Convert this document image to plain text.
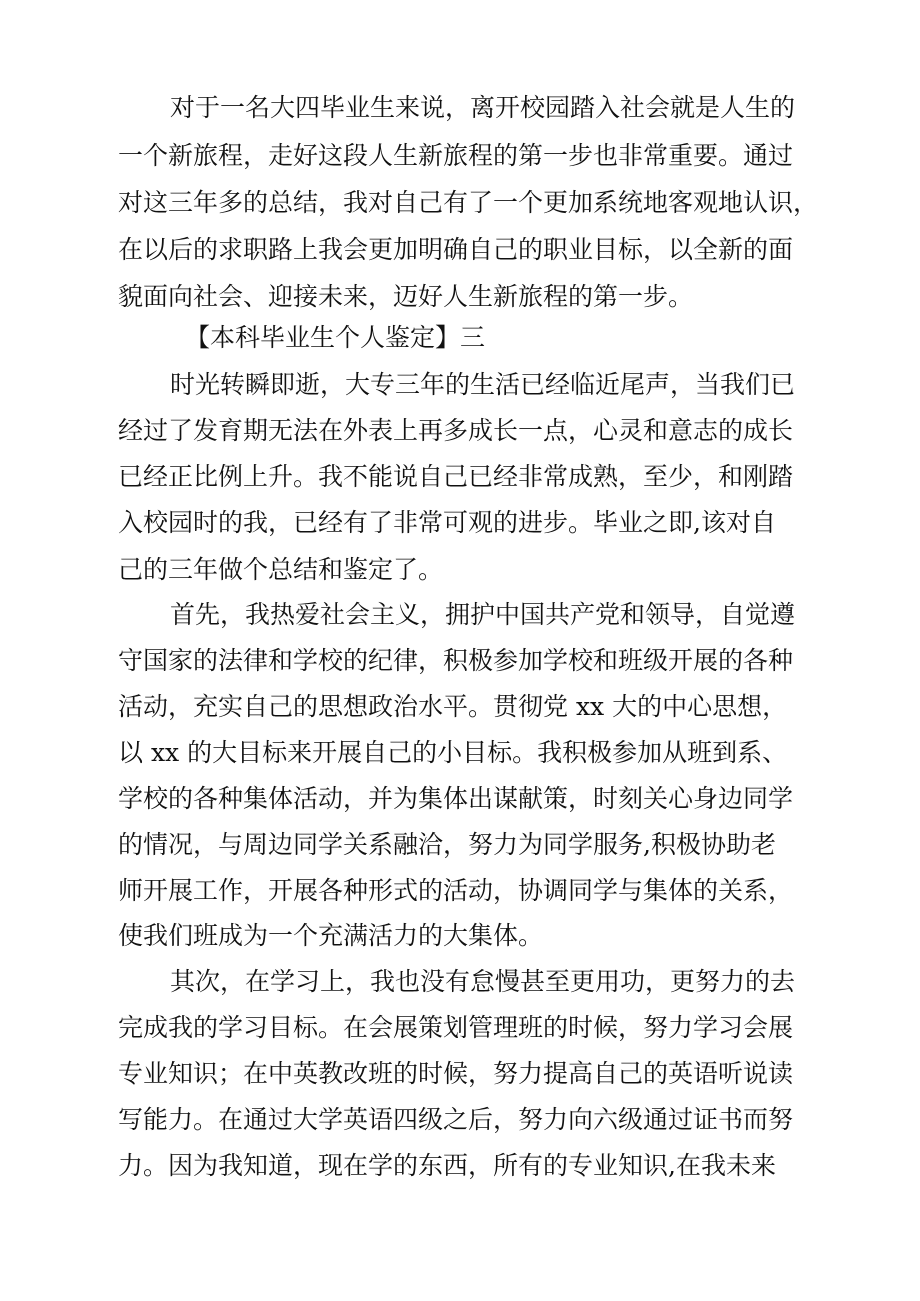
对于一名大四毕业生来说，离开校园踏入社会就是人生的
一个新旅程，走好这段人生新旅程的第一步也非常重要。通过
对这三年多的总结，我对自己有了一个更加系统地客观地认识，
在以后的求职路上我会更加明确自己的职业目标，以全新的面
貌面向社会、迎接未来，迈好人生新旅程的第一步。
【本科毕业生个人鉴定】三
时光转瞬即逝，大专三年的生活已经临近尾声，当我们已
经过了发育期无法在外表上再多成长一点，心灵和意志的成长
已经正比例上升。我不能说自己已经非常成熟，至少，和刚踏
入校园时的我，已经有了非常可观的进步。毕业之即,该对自
己的三年做个总结和鉴定了。
首先，我热爱社会主义，拥护中国共产党和领导，自觉遵
守国家的法律和学校的纪律，积极参加学校和班级开展的各种
活动，充实自己的思想政治水平。贯彻党 xx 大的中心思想，
以 xx 的大目标来开展自己的小目标。我积极参加从班到系、
学校的各种集体活动，并为集体出谋献策，时刻关心身边同学
的情况，与周边同学关系融洽，努力为同学服务,积极协助老
师开展工作，开展各种形式的活动，协调同学与集体的关系，
使我们班成为一个充满活力的大集体。
其次，在学习上，我也没有怠慢甚至更用功，更努力的去
完成我的学习目标。在会展策划管理班的时候，努力学习会展
专业知识；在中英教改班的时候，努力提高自己的英语听说读
写能力。在通过大学英语四级之后，努力向六级通过证书而努
力。因为我知道，现在学的东西，所有的专业知识,在我未来
